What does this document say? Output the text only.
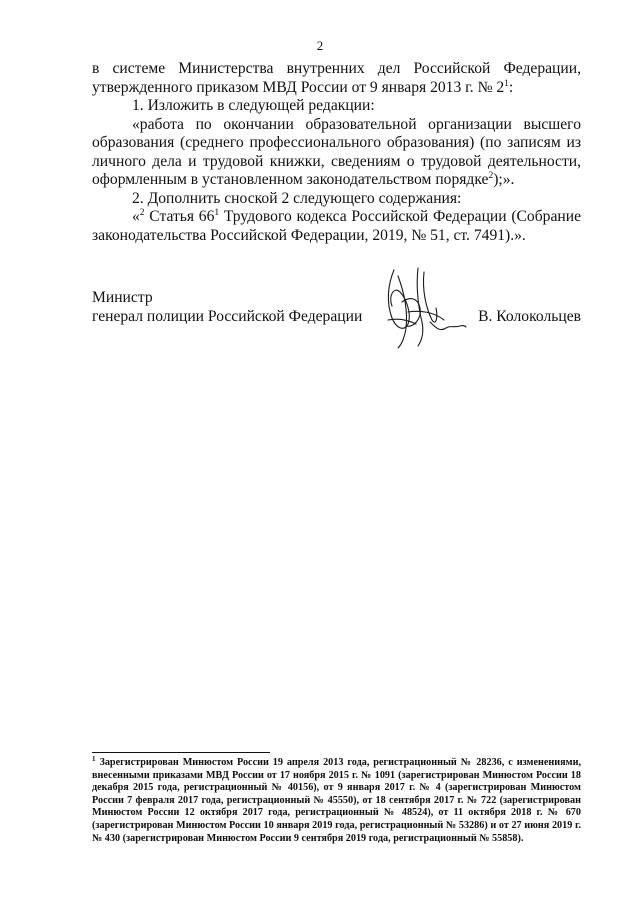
2

в системе Министерства внутренних дел Российской Федерации, утвержденного приказом МВД России от 9 января 2013 г. № $2^1$:

1. Изложить в следующей редакции:

«работа по окончании образовательной организации высшего образования (среднего профессионального образования) (по записям из личного дела и трудовой книжки, сведениям о трудовой деятельности, оформленным в установленном законодательством порядке$^2$);».

2. Дополнить сноской 2 следующего содержания:

«$^2$ Статья $66^1$ Трудового кодекса Российской Федерации (Собрание законодательства Российской Федерации, 2019, № 51, ст. 7491).».

Министр
генерал полиции Российской Федерации	В. Колокольцев
$^1$ Зарегистрирован Минюстом России 19 апреля 2013 года, регистрационный № 28236, с изменениями, внесенными приказами МВД России от 17 ноября 2015 г. № 1091 (зарегистрирован Минюстом России 18 декабря 2015 года, регистрационный № 40156), от 9 января 2017 г. № 4 (зарегистрирован Минюстом России 7 февраля 2017 года, регистрационный № 45550), от 18 сентября 2017 г. № 722 (зарегистрирован Минюстом России 12 октября 2017 года, регистрационный № 48524), от 11 октября 2018 г. № 670 (зарегистрирован Минюстом России 10 января 2019 года, регистрационный № 53286) и от 27 июня 2019 г. № 430 (зарегистрирован Минюстом России 9 сентября 2019 года, регистрационный № 55858).
